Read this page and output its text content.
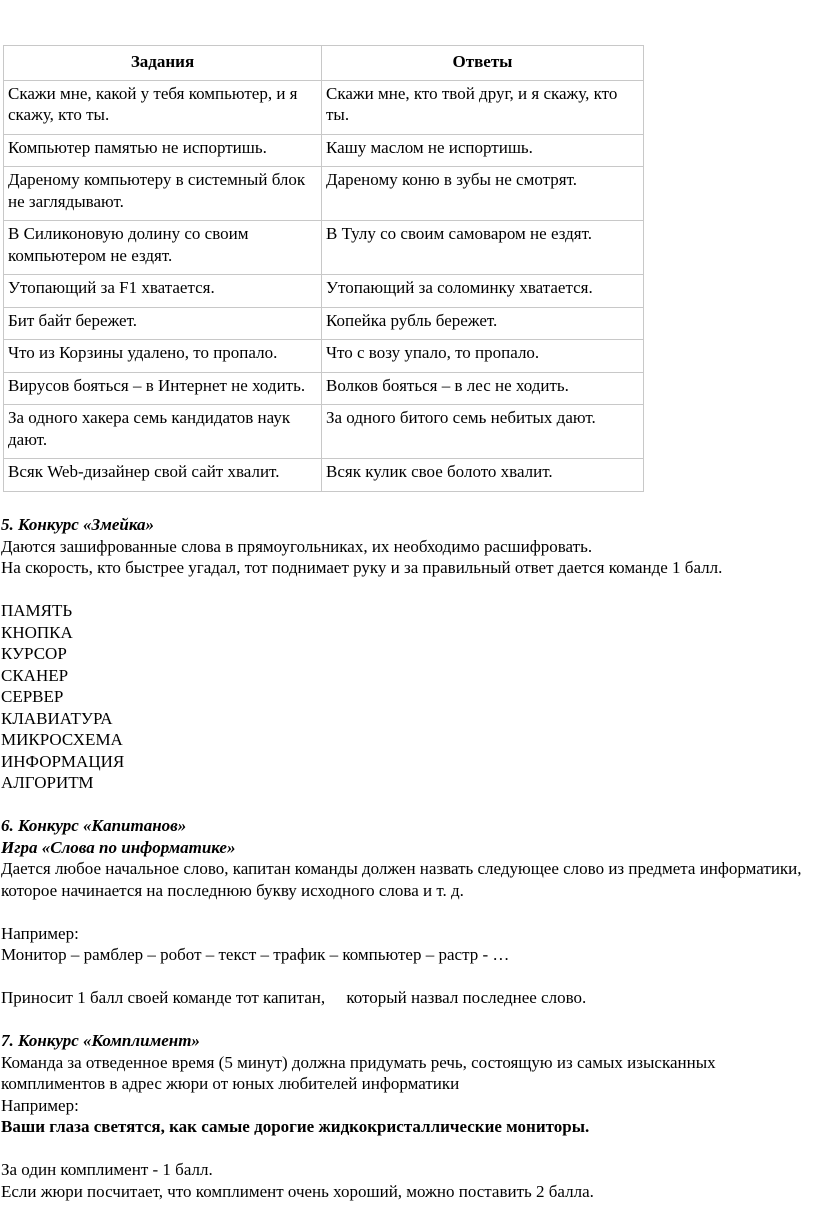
Задания	Ответы
Скажи мне, какой у тебя компьютер, и я скажу, кто ты.	Скажи мне, кто твой друг, и я скажу, кто ты.
Компьютер памятью не испортишь.	Кашу маслом не испортишь.
Дареному компьютеру в системный блок не заглядывают.	Дареному коню в зубы не смотрят.
В Силиконовую долину со своим компьютером не ездят.	В Тулу со своим самоваром не ездят.
Утопающий за F1 хватается.	Утопающий за соломинку хватается.
Бит байт бережет.	Копейка рубль бережет.
Что из Корзины удалено, то пропало.	Что с возу упало, то пропало.
Вирусов бояться – в Интернет не ходить.	Волков бояться – в лес не ходить.
За одного хакера семь кандидатов наук дают.	За одного битого семь небитых дают.
Всяк Web-дизайнер свой сайт хвалит.	Всяк кулик свое болото хвалит.

5. Конкурс «Змейка»

Даются зашифрованные слова в прямоугольниках, их необходимо расшифровать.

На скорость, кто быстрее угадал, тот поднимает руку и за правильный ответ дается команде 1 балл.

ПАМЯТЬ

КНОПКА

КУРСОР

СКАНЕР

СЕРВЕР

КЛАВИАТУРА

МИКРОСХЕМА

ИНФОРМАЦИЯ

АЛГОРИТМ

6. Конкурс «Капитанов»

Игра «Слова по информатике»

Дается любое начальное слово, капитан команды должен назвать следующее слово из предмета информатики, которое начинается на последнюю букву исходного слова и т. д.

Например:

Монитор – рамблер – робот – текст – трафик – компьютер – растр - …

Приносит 1 балл своей команде тот капитан,     который назвал последнее слово.

7. Конкурс «Комплимент»

Команда за отведенное время (5 минут) должна придумать речь, состоящую из самых изысканных комплиментов в адрес жюри от юных любителей информатики

Например:

Ваши глаза светятся, как самые дорогие жидкокристаллические мониторы.

За один комплимент - 1 балл.

Если жюри посчитает, что комплимент очень хороший, можно поставить 2 балла.
